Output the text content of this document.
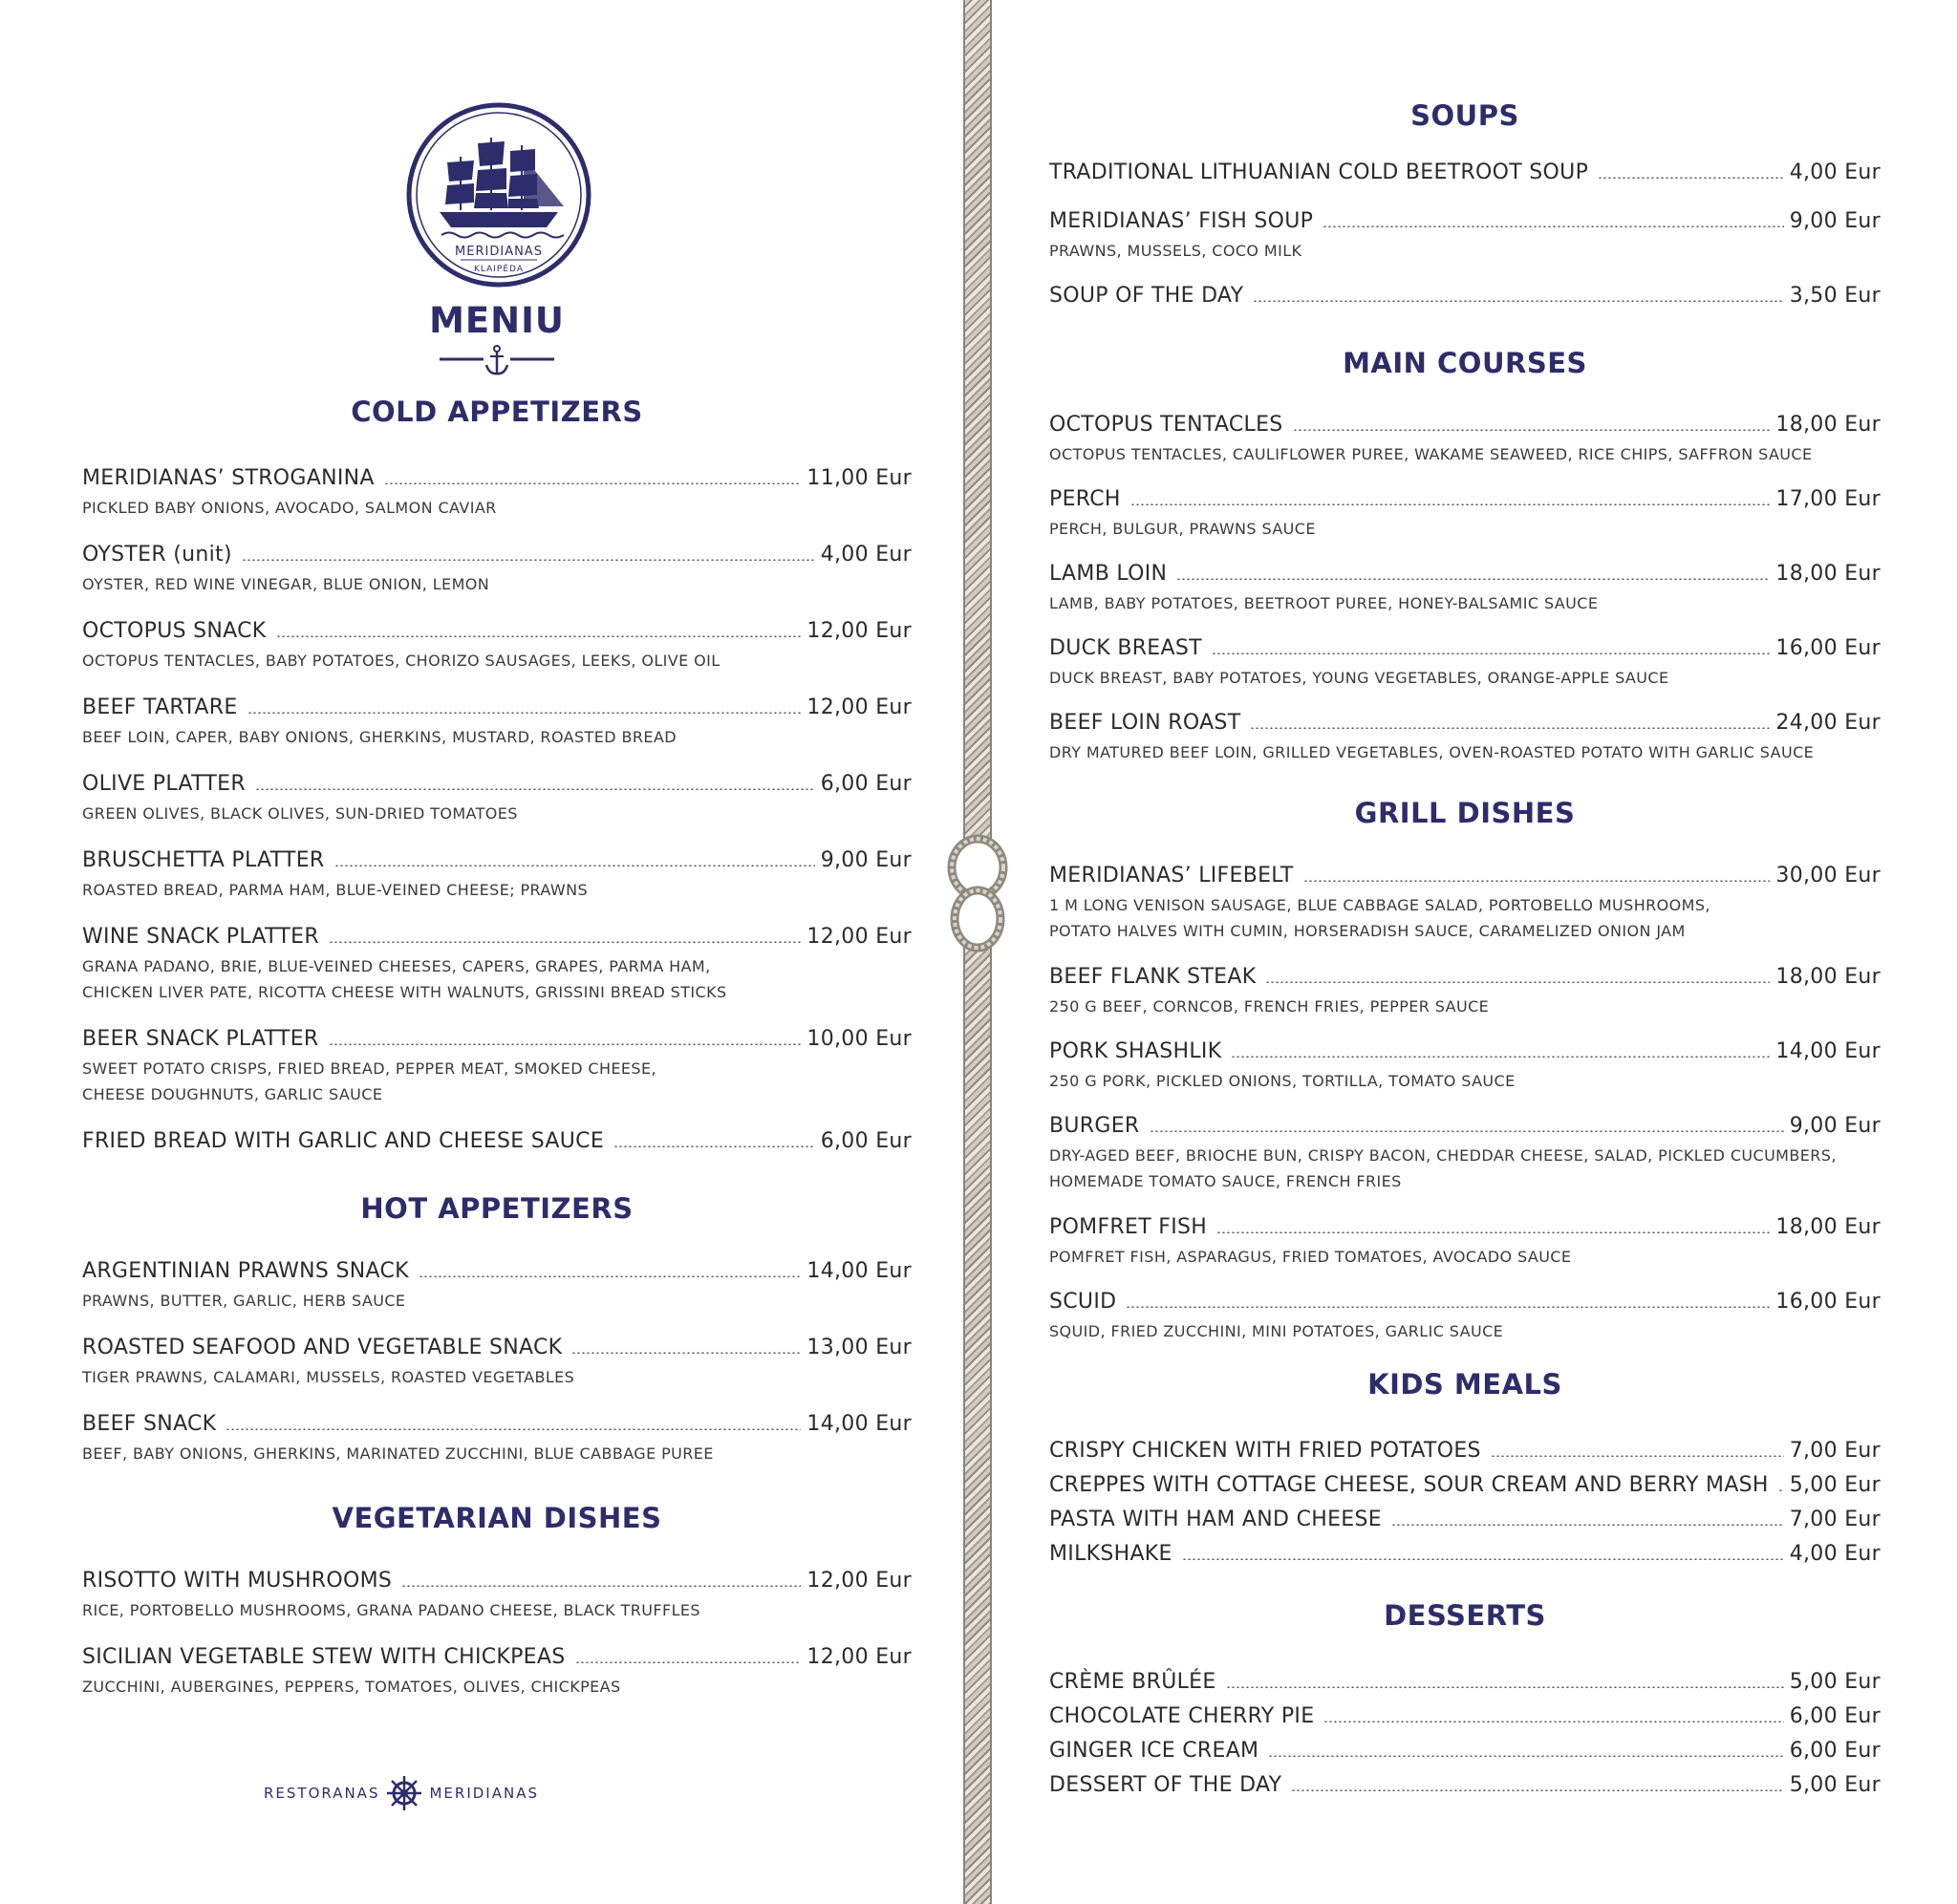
MERIDIANAS
KLAIPĖDA
MENIU
COLD APPETIZERS
MERIDIANAS’ STROGANINA	11,00 Eur
PICKLED BABY ONIONS, AVOCADO, SALMON CAVIAR
OYSTER (unit)	4,00 Eur
OYSTER, RED WINE VINEGAR, BLUE ONION, LEMON
OCTOPUS SNACK	12,00 Eur
OCTOPUS TENTACLES, BABY POTATOES, CHORIZO SAUSAGES, LEEKS, OLIVE OIL
BEEF TARTARE	12,00 Eur
BEEF LOIN, CAPER, BABY ONIONS, GHERKINS, MUSTARD, ROASTED BREAD
OLIVE PLATTER	6,00 Eur
GREEN OLIVES, BLACK OLIVES, SUN-DRIED TOMATOES
BRUSCHETTA PLATTER	9,00 Eur
ROASTED BREAD, PARMA HAM, BLUE-VEINED CHEESE; PRAWNS
WINE SNACK PLATTER	12,00 Eur
GRANA PADANO, BRIE, BLUE-VEINED CHEESES, CAPERS, GRAPES, PARMA HAM,
CHICKEN LIVER PATE, RICOTTA CHEESE WITH WALNUTS, GRISSINI BREAD STICKS
BEER SNACK PLATTER	10,00 Eur
SWEET POTATO CRISPS, FRIED BREAD, PEPPER MEAT, SMOKED CHEESE,
CHEESE DOUGHNUTS, GARLIC SAUCE
FRIED BREAD WITH GARLIC AND CHEESE SAUCE	6,00 Eur
HOT APPETIZERS
ARGENTINIAN PRAWNS SNACK	14,00 Eur
PRAWNS, BUTTER, GARLIC, HERB SAUCE
ROASTED SEAFOOD AND VEGETABLE SNACK	13,00 Eur
TIGER PRAWNS, CALAMARI, MUSSELS, ROASTED VEGETABLES
BEEF SNACK	14,00 Eur
BEEF, BABY ONIONS, GHERKINS, MARINATED ZUCCHINI, BLUE CABBAGE PUREE
VEGETARIAN DISHES
RISOTTO WITH MUSHROOMS	12,00 Eur
RICE, PORTOBELLO MUSHROOMS, GRANA PADANO CHEESE, BLACK TRUFFLES
SICILIAN VEGETABLE STEW WITH CHICKPEAS	12,00 Eur
ZUCCHINI, AUBERGINES, PEPPERS, TOMATOES, OLIVES, CHICKPEAS
RESTORANAS	MERIDIANAS
SOUPS
TRADITIONAL LITHUANIAN COLD BEETROOT SOUP	4,00 Eur
MERIDIANAS’ FISH SOUP	9,00 Eur
PRAWNS, MUSSELS, COCO MILK
SOUP OF THE DAY	3,50 Eur
MAIN COURSES
OCTOPUS TENTACLES	18,00 Eur
OCTOPUS TENTACLES, CAULIFLOWER PUREE, WAKAME SEAWEED, RICE CHIPS, SAFFRON SAUCE
PERCH	17,00 Eur
PERCH, BULGUR, PRAWNS SAUCE
LAMB LOIN	18,00 Eur
LAMB, BABY POTATOES, BEETROOT PUREE, HONEY-BALSAMIC SAUCE
DUCK BREAST	16,00 Eur
DUCK BREAST, BABY POTATOES, YOUNG VEGETABLES, ORANGE-APPLE SAUCE
BEEF LOIN ROAST	24,00 Eur
DRY MATURED BEEF LOIN, GRILLED VEGETABLES, OVEN-ROASTED POTATO WITH GARLIC SAUCE
GRILL DISHES
MERIDIANAS’ LIFEBELT	30,00 Eur
1 M LONG VENISON SAUSAGE, BLUE CABBAGE SALAD, PORTOBELLO MUSHROOMS,
POTATO HALVES WITH CUMIN, HORSERADISH SAUCE, CARAMELIZED ONION JAM
BEEF FLANK STEAK	18,00 Eur
250 G BEEF, CORNCOB, FRENCH FRIES, PEPPER SAUCE
PORK SHASHLIK	14,00 Eur
250 G PORK, PICKLED ONIONS, TORTILLA, TOMATO SAUCE
BURGER	9,00 Eur
DRY-AGED BEEF, BRIOCHE BUN, CRISPY BACON, CHEDDAR CHEESE, SALAD, PICKLED CUCUMBERS,
HOMEMADE TOMATO SAUCE, FRENCH FRIES
POMFRET FISH	18,00 Eur
POMFRET FISH, ASPARAGUS, FRIED TOMATOES, AVOCADO SAUCE
SCUID	16,00 Eur
SQUID, FRIED ZUCCHINI, MINI POTATOES, GARLIC SAUCE
KIDS MEALS
CRISPY CHICKEN WITH FRIED POTATOES	7,00 Eur
CREPPES WITH COTTAGE CHEESE, SOUR CREAM AND BERRY MASH 5,00 Eur
PASTA WITH HAM AND CHEESE	7,00 Eur
MILKSHAKE	4,00 Eur
DESSERTS
CRÈME BRÛLÉE	5,00 Eur
CHOCOLATE CHERRY PIE	6,00 Eur
GINGER ICE CREAM	6,00 Eur
DESSERT OF THE DAY	5,00 Eur
